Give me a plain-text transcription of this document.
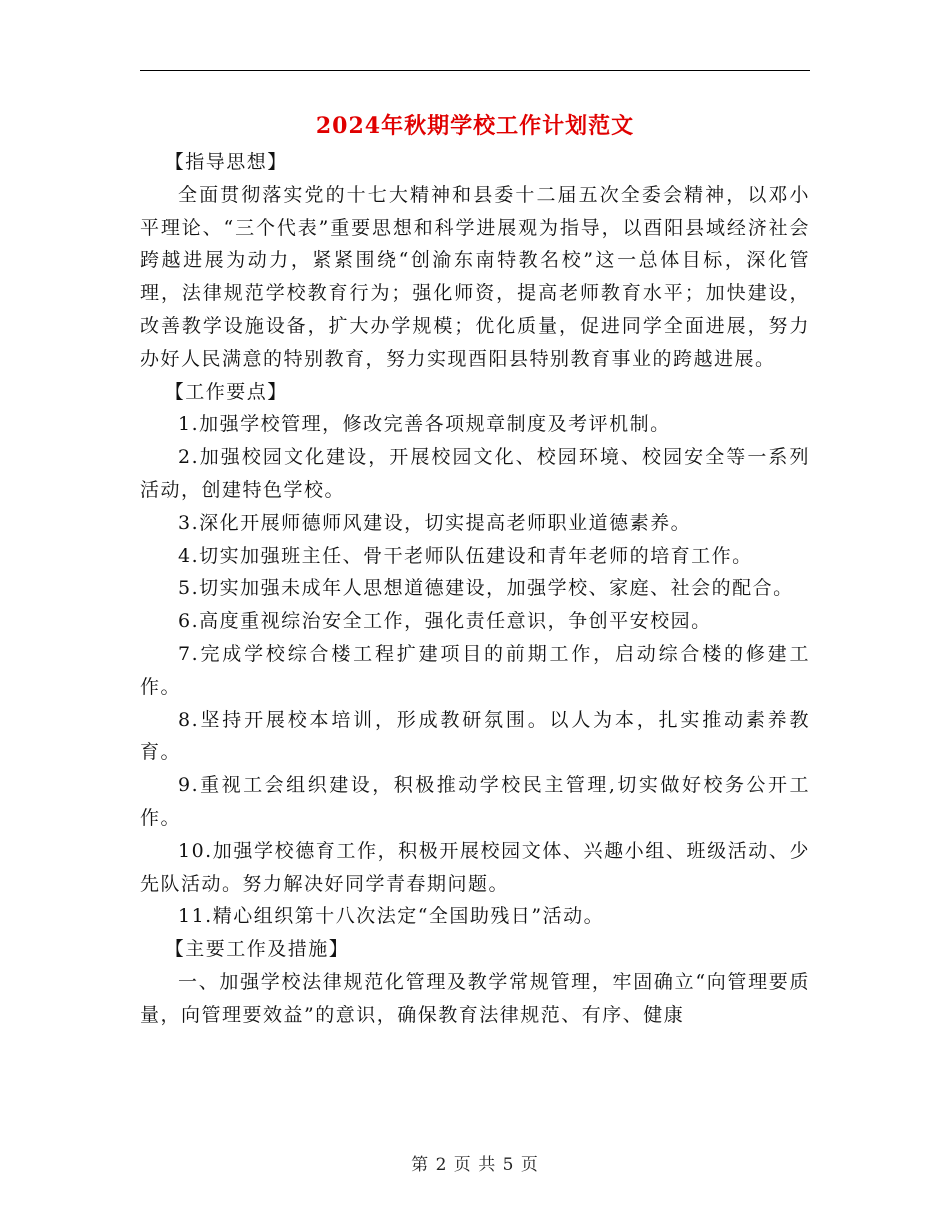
2024年秋期学校工作计划范文

【指导思想】

全面贯彻落实党的十七大精神和县委十二届五次全委会精神，以邓小平理论、“三个代表”重要思想和科学进展观为指导，以酉阳县域经济社会跨越进展为动力，紧紧围绕“创渝东南特教名校”这一总体目标，深化管理，法律规范学校教育行为；强化师资，提高老师教育水平；加快建设，改善教学设施设备，扩大办学规模；优化质量，促进同学全面进展，努力办好人民满意的特别教育，努力实现酉阳县特别教育事业的跨越进展。

【工作要点】

1.加强学校管理，修改完善各项规章制度及考评机制。

2.加强校园文化建设，开展校园文化、校园环境、校园安全等一系列活动，创建特色学校。

3.深化开展师德师风建设，切实提高老师职业道德素养。

4.切实加强班主任、骨干老师队伍建设和青年老师的培育工作。

5.切实加强未成年人思想道德建设，加强学校、家庭、社会的配合。

6.高度重视综治安全工作，强化责任意识，争创平安校园。

7.完成学校综合楼工程扩建项目的前期工作，启动综合楼的修建工作。

8.坚持开展校本培训，形成教研氛围。以人为本，扎实推动素养教育。

9.重视工会组织建设，积极推动学校民主管理,切实做好校务公开工作。

10.加强学校德育工作，积极开展校园文体、兴趣小组、班级活动、少先队活动。努力解决好同学青春期问题。

11.精心组织第十八次法定“全国助残日”活动。

【主要工作及措施】

一、加强学校法律规范化管理及教学常规管理，牢固确立“向管理要质量，向管理要效益”的意识，确保教育法律规范、有序、健康

第 2 页 共 5 页
